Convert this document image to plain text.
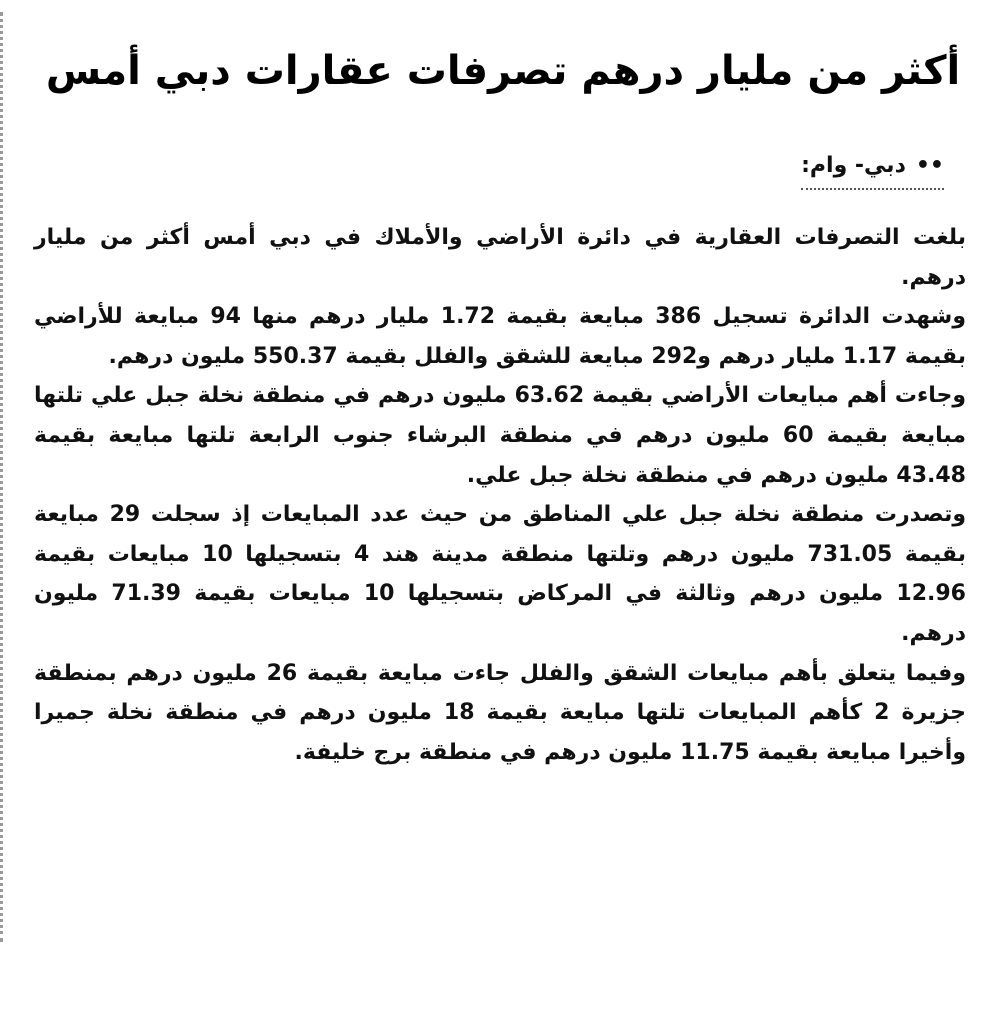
أكثر من مليار درهم تصرفات عقارات دبي أمس
••دبي- وام:

بلغت التصرفات العقارية في دائرة الأراضي والأملاك في دبي أمس أكثر من مليار درهم.

وشهدت الدائرة تسجيل 386 مبايعة بقيمة 1.72 مليار درهم منها 94 مبايعة للأراضي بقيمة 1.17 مليار درهم و292 مبايعة للشقق والفلل بقيمة 550.37 مليون درهم.

وجاءت أهم مبايعات الأراضي بقيمة 63.62 مليون درهم في منطقة نخلة جبل علي تلتها مبايعة بقيمة 60 مليون درهم في منطقة البرشاء جنوب الرابعة تلتها مبايعة بقيمة 43.48 مليون درهم في منطقة نخلة جبل علي.

وتصدرت منطقة نخلة جبل علي المناطق من حيث عدد المبايعات إذ سجلت 29 مبايعة بقيمة 731.05 مليون درهم وتلتها منطقة مدينة هند 4 بتسجيلها 10 مبايعات بقيمة 12.96 مليون درهم وثالثة في المركاض بتسجيلها 10 مبايعات بقيمة 71.39 مليون درهم.

وفيما يتعلق بأهم مبايعات الشقق والفلل جاءت مبايعة بقيمة 26 مليون درهم بمنطقة جزيرة 2 كأهم المبايعات تلتها مبايعة بقيمة 18 مليون درهم في منطقة نخلة جميرا وأخيرا مبايعة بقيمة 11.75 مليون درهم في منطقة برج خليفة.
